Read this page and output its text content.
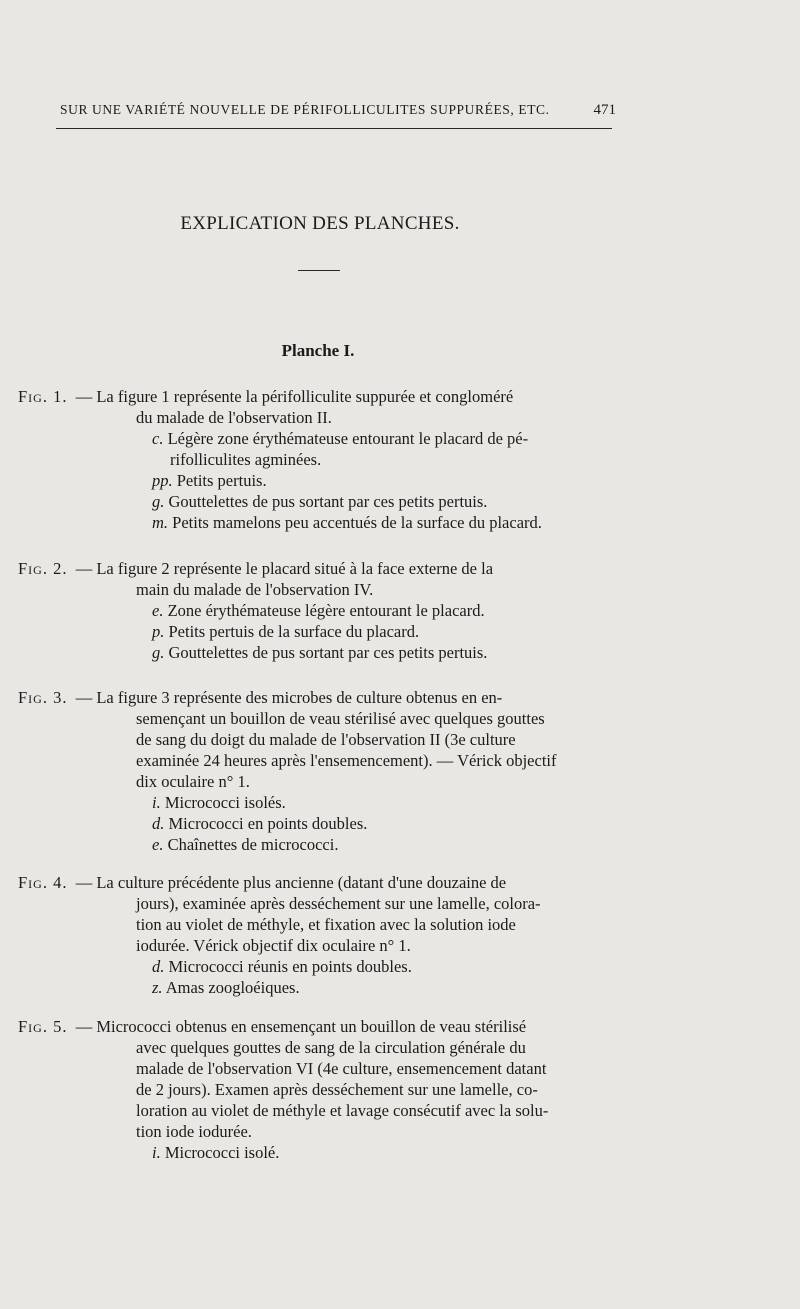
SUR UNE VARIÉTÉ NOUVELLE DE PÉRIFOLLICULITES SUPPURÉES, ETC.	471
EXPLICATION DES PLANCHES.
Planche I.
Fig. 1. — La figure 1 représente la périfolliculite suppurée et congloméré
du malade de l'observation II.
c. Légère zone érythémateuse entourant le placard de pé-
rifolliculites agminées.
pp. Petits pertuis.
g. Gouttelettes de pus sortant par ces petits pertuis.
m. Petits mamelons peu accentués de la surface du placard.
Fig. 2. — La figure 2 représente le placard situé à la face externe de la
main du malade de l'observation IV.
e. Zone érythémateuse légère entourant le placard.
p. Petits pertuis de la surface du placard.
g. Gouttelettes de pus sortant par ces petits pertuis.
Fig. 3. — La figure 3 représente des microbes de culture obtenus en en-
semençant un bouillon de veau stérilisé avec quelques gouttes
de sang du doigt du malade de l'observation II (3e culture
examinée 24 heures après l'ensemencement). — Vérick objectif
dix oculaire n° 1.
i. Micrococci isolés.
d. Micrococci en points doubles.
e. Chaînettes de micrococci.
Fig. 4. — La culture précédente plus ancienne (datant d'une douzaine de
jours), examinée après desséchement sur une lamelle, colora-
tion au violet de méthyle, et fixation avec la solution iode
iodurée. Vérick objectif dix oculaire n° 1.
d. Micrococci réunis en points doubles.
z. Amas zoogloéiques.
Fig. 5. — Micrococci obtenus en ensemençant un bouillon de veau stérilisé
avec quelques gouttes de sang de la circulation générale du
malade de l'observation VI (4e culture, ensemencement datant
de 2 jours). Examen après desséchement sur une lamelle, co-
loration au violet de méthyle et lavage consécutif avec la solu-
tion iode iodurée.
i. Micrococci isolé.
